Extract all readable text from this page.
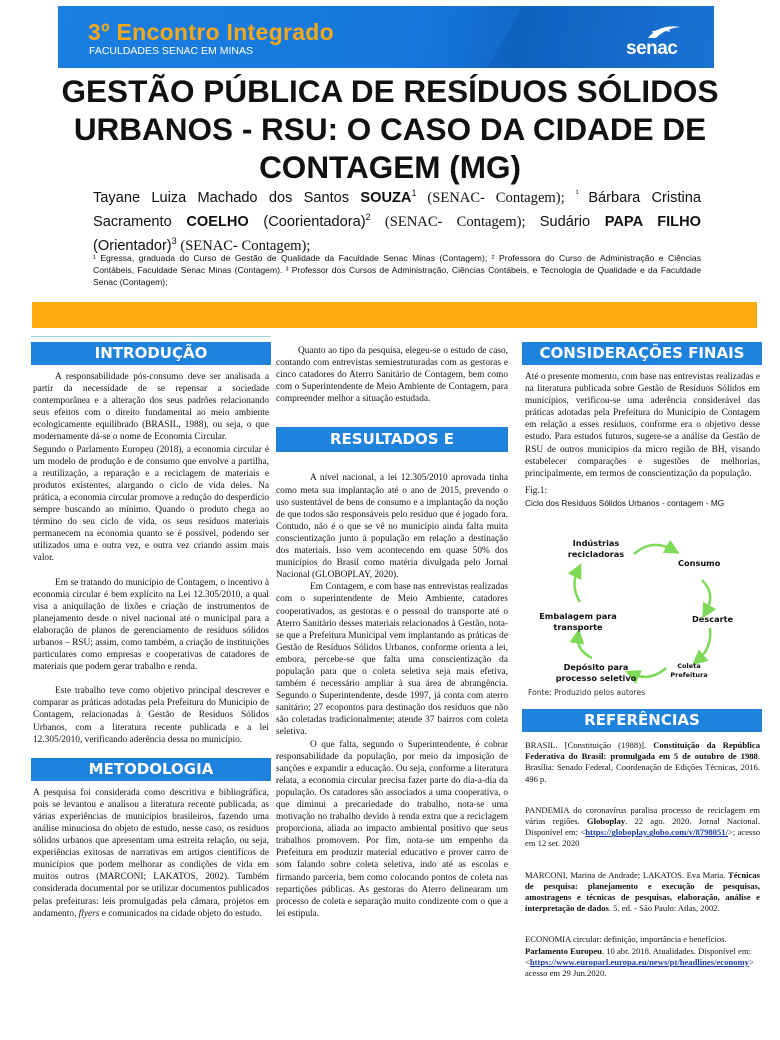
3º Encontro Integrado
FACULDADES SENAC EM MINAS	senac
GESTÃO PÚBLICA DE RESÍDUOS SÓLIDOS URBANOS - RSU: O CASO DA CIDADE DE CONTAGEM (MG)
Tayane Luiza Machado dos Santos SOUZA$^1$ (SENAC- Contagem); $^{^1}$ Bárbara Cristina Sacramento COELHO (Coorientadora)$^2$ (SENAC- Contagem); Sudário PAPA FILHO (Orientador)$^3$ (SENAC- Contagem);
¹ Egressa, graduada do Curso de Gestão de Qualidade da Faculdade Senac Minas (Contagem); ² Professora do Curso de Administração e Ciências Contábeis, Faculdade Senac Minas (Contagem). ³ Professor dos Cursos de Administração, Ciências Contábeis, e Tecnologia de Qualidade e da Faculdade Senac (Contagem);
INTRODUÇÃO

A responsabilidade pós-consumo deve ser analisada a partir da necessidade de se repensar a sociedade contemporânea e a alteração dos seus padrões relacionando seus efeitos com o direito fundamental ao meio ambiente ecologicamente equilibrado (BRASIL, 1988), ou seja, o que modernamente dá-se o nome de Economia Circular.

Segundo o Parlamento Europeu (2018), a economia circular é um modelo de produção e de consumo que envolve a partilha, a reutilização, a reparação e a reciclagem de materiais e produtos existentes, alargando o ciclo de vida deles. Na prática, a economia circular promove a redução do desperdício sempre buscando ao mínimo. Quando o produto chega ao término do seu ciclo de vida, os seus resíduos materiais permanecem na economia quanto se é possível, podendo ser utilizados uma e outra vez, e outra vez criando assim mais valor.

Em se tratando do município de Contagem, o incentivo à economia circular é bem explícito na Lei 12.305/2010, a qual visa a aniquilação de lixões e criação de instrumentos de planejamento desde o nível nacional até o municipal para a elaboração de planos de gerenciamento de resíduos sólidos urbanos – RSU; assim, como também, a criação de instituições particulares como empresas e cooperativas de catadores de materiais que podem gerar trabalho e renda.

Este trabalho teve como objetivo principal descrever e comparar as práticas adotadas pela Prefeitura do Município de Contagem, relacionadas à Gestão de Resíduos Sólidos Urbanos, com a literatura recente publicada e a lei 12.305/2010, verificando aderência dessa no município.

METODOLOGIA

A pesquisa foi considerada como descritiva e bibliográfica, pois se levantou e analisou a literatura recente publicada, as várias experiências de municípios brasileiros, fazendo uma análise minuciosa do objeto de estudo, nesse caso, os resíduos sólidos urbanos que apresentam uma estreita relação, ou seja, experiências exitosas de narrativas em artigos científicos de municípios que podem melhorar as condições de vida em muitos outros (MARCONI; LAKATOS, 2002). Também considerada documental por se utilizar documentos publicados pelas prefeituras: leis promulgadas pela câmara, projetos em andamento, flyers e comunicados na cidade objeto do estudo.

Quanto ao tipo da pesquisa, elegeu-se o estudo de caso, contando com entrevistas semiestruturadas com as gestoras e cinco catadores do Aterro Sanitário de Contagem, bem como com o Superintendente de Meio Ambiente de Contagem, para compreender melhor a situação estudada.

RESULTADOS E DISCUSSÕES

A nível nacional, a lei 12.305/2010 aprovada tinha como meta sua implantação até o ano de 2015, prevendo o uso sustentável de bens de consumo e a implantação da noção de que todos são responsáveis pelo resíduo que é jogado fora. Contudo, não é o que se vê no município ainda falta muita conscientização junto à população em relação a destinação dos materiais. Isso vem acontecendo em quase 50% dos municípios do Brasil como matéria divulgada pelo Jornal Nacional (GLOBOPLAY, 2020).

Em Contagem, e com base nas entrevistas realizadas com o superintendente de Meio Ambiente, catadores cooperativados, as gestoras e o pessoal do transporte até o Aterro Sanitário desses materiais relacionados à Gestão, nota-se que a Prefeitura Municipal vem implantando as práticas de Gestão de Resíduos Sólidos Urbanos, conforme orienta a lei, embora, percebe-se que falta uma conscientização da população para que o coleta seletiva seja mais efetiva, também é necessário ampliar à sua área de abrangência. Segundo o Superintendente, desde 1997, já conta com aterro sanitário; 27 ecopontos para destinação dos resíduos que não são coletadas tradicionalmente; atende 37 bairros com coleta seletiva.

O que falta, segundo o Superintendente, é cobrar responsabilidade da população, por meio da imposição de sanções e expandir a educação. Ou seja, conforme a literatura relata, a economia circular precisa fazer parte do dia-a-dia da população. Os catadores são associados a uma cooperativa, o que diminui a precariedade do trabalho, nota-se uma motivação no trabalho devido à renda extra que a reciclagem proporciona, aliada ao impacto ambiental positivo que seus trabalhos promovem. Por fim, nota-se um empenho da Prefeitura em produzir material educativo e prover carro de som falando sobre coleta seletiva, indo até as escolas e firmando parceria, bem como colocando pontos de coleta nas repartições públicas. As gestoras do Aterro delinearam um processo de coleta e separação muito condizente com o que a lei estipula.

CONSIDERAÇÕES FINAIS

Até o presente momento, com base nas entrevistas realizadas e na literatura publicada sobre Gestão de Resíduos Sólidos em municípios, verificou-se uma aderência considerável das práticas adotadas pela Prefeitura do Município de Contagem em relação a esses resíduos, conforme era o objetivo desse estudo. Para estudos futuros, sugere-se a análise da Gestão de RSU de outros municípios da micro região de BH, visando estabelecer comparações e sugestões de melhorias, principalmente, em termos de conscientização da população.

Fig.1:

Ciclo dos Resíduos Sólidos Urbanos - contagem - MG

Indústrias recicladoras
Consumo
Descarte
Coleta Prefeitura
Depósito para processo seletivo
Embalagem para transporte
Fonte: Produzido pelos autores
REFERÊNCIAS

BRASIL. [Constituição (1988)]. Constituição da República Federativa do Brasil: promulgada em 5 de outubro de 1988. Brasília: Senado Federal, Coordenação de Edições Técnicas, 2016. 496 p.

PANDEMIA do coronavírus paralisa processo de reciclagem em várias regiões. Globoplay. 22 ago. 2020. Jornal Nacional. Disponível em: <https://globoplay.globo.com/v/8798051/>; acesso em 12 set. 2020

MARCONI, Marina de Andrade; LAKATOS. Eva Maria. Técnicas de pesquisa: planejamento e execução de pesquisas, amostragens e técnicas de pesquisas, elaboração, análise e interpretação de dados. 5. ed. - São Paulo: Atlas, 2002.

ECONOMIA circular: definição, importância e benefícios. Parlamento Europeu. 10 abr. 2018. Atualidades. Disponível em: <https://www.europarl.europa.eu/news/pt/headlines/economy> acesso em 29 Jun.2020.
